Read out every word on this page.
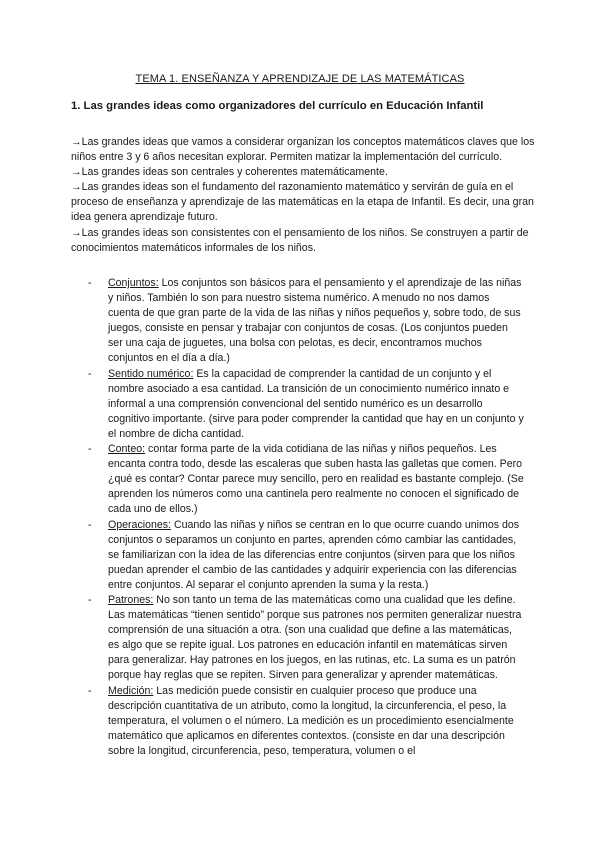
TEMA 1. ENSEÑANZA Y APRENDIZAJE DE LAS MATEMÁTICAS
1. Las grandes ideas como organizadores del currículo en Educación Infantil

→Las grandes ideas que vamos a considerar organizan los conceptos matemáticos claves que los niños entre 3 y 6 años necesitan explorar. Permiten matizar la implementación del currículo.

→Las grandes ideas son centrales y coherentes matemáticamente.

→Las grandes ideas son el fundamento del razonamiento matemático y servirán de guía en el proceso de enseñanza y aprendizaje de las matemáticas en la etapa de Infantil. Es decir, una gran idea genera aprendizaje futuro.

→Las grandes ideas son consistentes con el pensamiento de los niños. Se construyen a partir de conocimientos matemáticos informales de los niños.

- Conjuntos: Los conjuntos son básicos para el pensamiento y el aprendizaje de las niñas y niños. También lo son para nuestro sistema numérico. A menudo no nos damos cuenta de que gran parte de la vida de las niñas y niños pequeños y, sobre todo, de sus juegos, consiste en pensar y trabajar con conjuntos de cosas. (Los conjuntos pueden ser una caja de juguetes, una bolsa con pelotas, es decir, encontramos muchos conjuntos en el día a día.)
- Sentido numérico: Es la capacidad de comprender la cantidad de un conjunto y el nombre asociado a esa cantidad. La transición de un conocimiento numérico innato e informal a una comprensión convencional del sentido numérico es un desarrollo cognitivo importante. (sirve para poder comprender la cantidad que hay en un conjunto y el nombre de dicha cantidad.
- Conteo: contar forma parte de la vida cotidiana de las niñas y niños pequeños. Les encanta contra todo, desde las escaleras que suben hasta las galletas que comen. Pero ¿qué es contar? Contar parece muy sencillo, pero en realidad es bastante complejo. (Se aprenden los números como una cantinela pero realmente no conocen el significado de cada uno de ellos.)
- Operaciones: Cuando las niñas y niños se centran en lo que ocurre cuando unimos dos conjuntos o separamos un conjunto en partes, aprenden cómo cambiar las cantidades, se familiarizan con la idea de las diferencias entre conjuntos (sirven para que los niños puedan aprender el cambio de las cantidades y adquirir experiencia con las diferencias entre conjuntos. Al separar el conjunto aprenden la suma y la resta.)
- Patrones: No son tanto un tema de las matemáticas como una cualidad que les define. Las matemáticas “tienen sentido” porque sus patrones nos permiten generalizar nuestra comprensión de una situación a otra. (son una cualidad que define a las matemáticas, es algo que se repite igual. Los patrones en educación infantil en matemáticas sirven para generalizar. Hay patrones en los juegos, en las rutinas, etc. La suma es un patrón porque hay reglas que se repiten. Sirven para generalizar y aprender matemáticas.
- Medición: Las medición puede consistir en cualquier proceso que produce una descripción cuantitativa de un atributo, como la longitud, la circunferencia, el peso, la temperatura, el volumen o el número. La medición es un procedimiento esencialmente matemático que aplicamos en diferentes contextos. (consiste en dar una descripción sobre la longitud, circunferencia, peso, temperatura, volumen o el
